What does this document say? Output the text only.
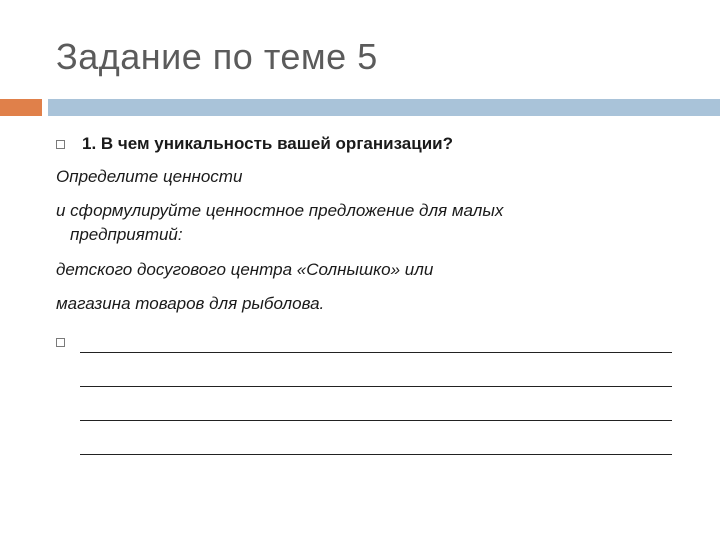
Задание по теме 5
1. В чем уникальность вашей организации?
Определите ценности
и сформулируйте ценностное предложение для малых
предприятий:
детского досугового центра «Солнышко» или
магазина товаров для рыболова.
